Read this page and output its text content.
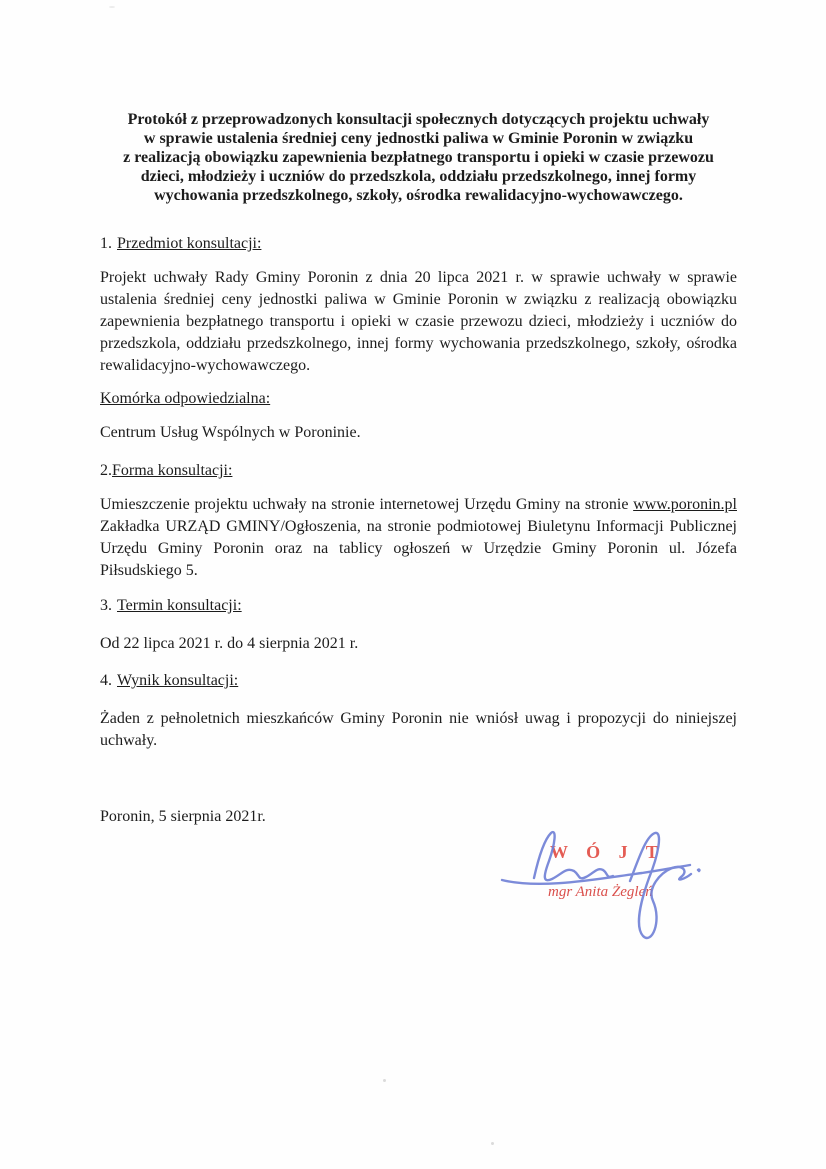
Protokół z przeprowadzonych konsultacji społecznych dotyczących projektu uchwały
w sprawie ustalenia średniej ceny jednostki paliwa w Gminie Poronin w związku
z realizacją obowiązku zapewnienia bezpłatnego transportu i opieki w czasie przewozu
dzieci, młodzieży i uczniów do przedszkola, oddziału przedszkolnego, innej formy
wychowania przedszkolnego, szkoły, ośrodka rewalidacyjno-wychowawczego.
1. Przedmiot konsultacji:

Projekt uchwały Rady Gminy Poronin z dnia 20 lipca 2021 r. w sprawie uchwały w sprawie ustalenia średniej ceny jednostki paliwa w Gminie Poronin w związku z realizacją obowiązku zapewnienia bezpłatnego transportu i opieki w czasie przewozu dzieci, młodzieży i uczniów do przedszkola, oddziału przedszkolnego, innej formy wychowania przedszkolnego, szkoły, ośrodka rewalidacyjno-wychowawczego.

Komórka odpowiedzialna:

Centrum Usług Wspólnych w Poroninie.

2.Forma konsultacji:

Umieszczenie projektu uchwały na stronie internetowej Urzędu Gminy na stronie www.poronin.pl Zakładka URZĄD GMINY/Ogłoszenia, na stronie podmiotowej Biuletynu Informacji Publicznej Urzędu Gminy Poronin oraz na tablicy ogłoszeń w Urzędzie Gminy Poronin ul. Józefa Piłsudskiego 5.

3. Termin konsultacji:

Od 22 lipca 2021 r. do 4 sierpnia 2021 r.

4. Wynik konsultacji:

Żaden z pełnoletnich mieszkańców Gminy Poronin nie wniósł uwag i propozycji do niniejszej uchwały.

Poronin, 5 sierpnia 2021r.

W Ó J T
mgr Anita Żegleń
